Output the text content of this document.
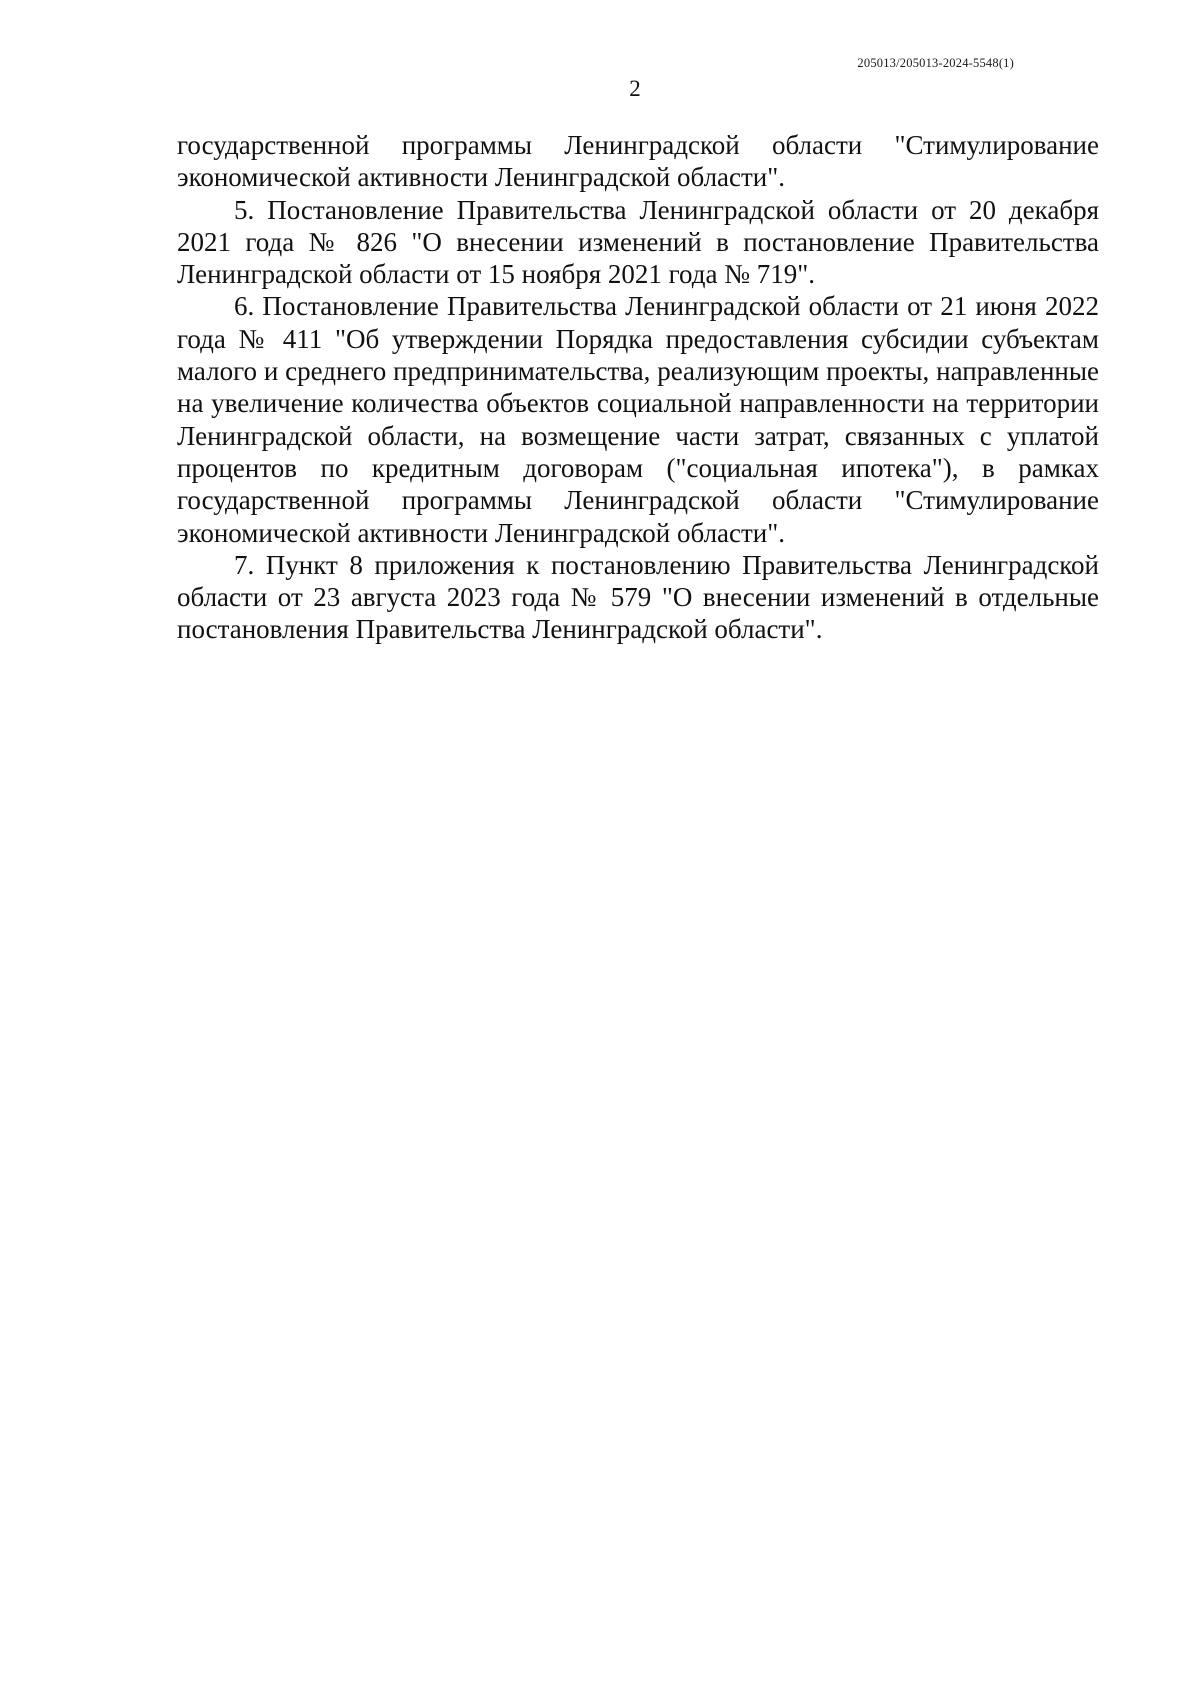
205013/205013-2024-5548(1)
2

государственной программы Ленинградской области "Стимулирование экономической активности Ленинградской области".

5. Постановление Правительства Ленинградской области от 20 декабря 2021 года № 826 "О внесении изменений в постановление Правительства Ленинградской области от 15 ноября 2021 года № 719".

6. Постановление Правительства Ленинградской области от 21 июня 2022 года № 411 "Об утверждении Порядка предоставления субсидии субъектам малого и среднего предпринимательства, реализующим проекты, направленные на увеличение количества объектов социальной направленности на территории Ленинградской области, на возмещение части затрат, связанных с уплатой процентов по кредитным договорам ("социальная ипотека"), в рамках государственной программы Ленинградской области "Стимулирование экономической активности Ленинградской области".

7. Пункт 8 приложения к постановлению Правительства Ленинградской области от 23 августа 2023 года № 579 "О внесении изменений в отдельные постановления Правительства Ленинградской области".
